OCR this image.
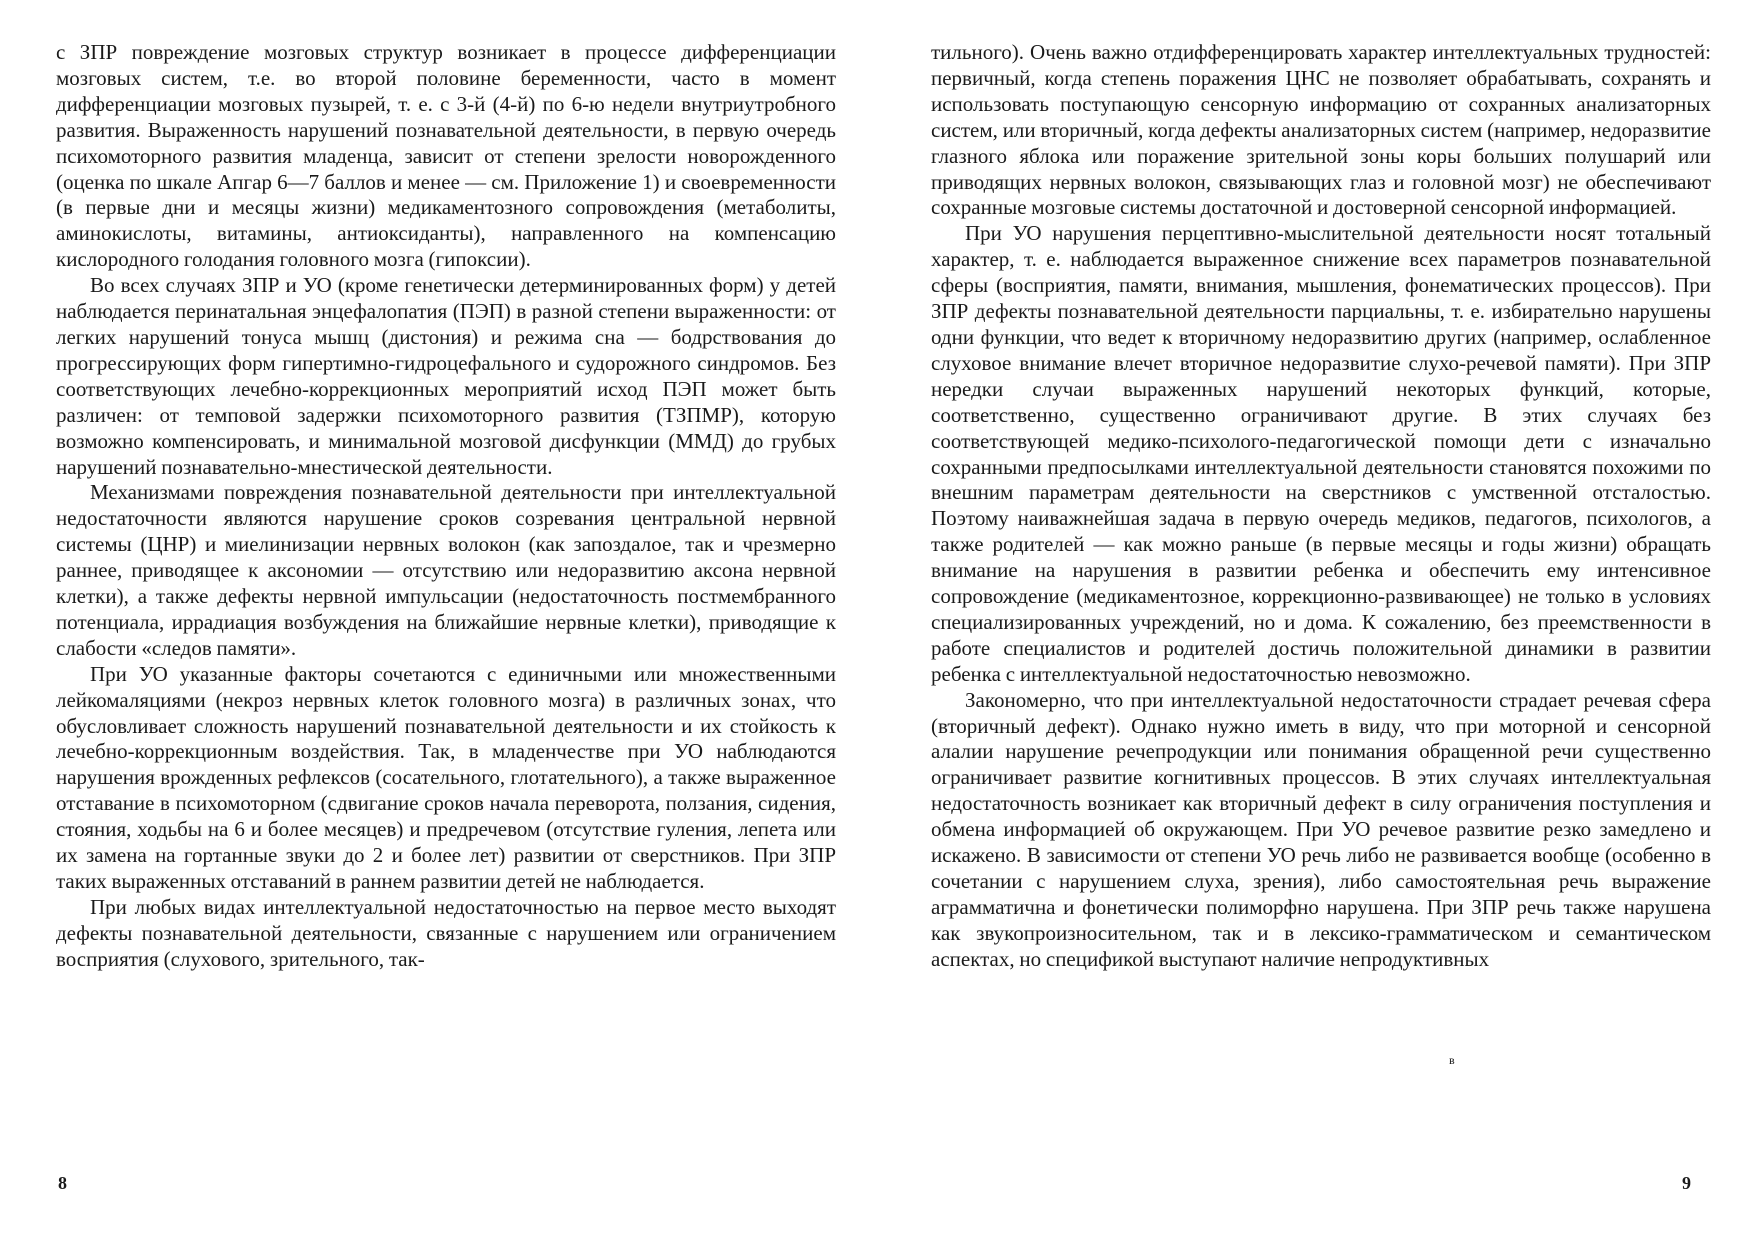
с ЗПР повреждение мозговых структур возникает в процессе дифференциации мозговых систем, т.е. во второй половине беременности, часто в момент дифференциации мозговых пузырей, т. е. с 3-й (4-й) по 6-ю недели внутриутробного развития. Выраженность нарушений познавательной деятельности, в первую очередь психомоторного развития младенца, зависит от степени зрелости новорожденного (оценка по шкале Апгар 6—7 баллов и менее — см. Приложение 1) и своевременности (в первые дни и месяцы жизни) медикаментозного сопровождения (метаболиты, аминокислоты, витамины, антиоксиданты), направленного на компенсацию кислородного голодания головного мозга (гипоксии).

Во всех случаях ЗПР и УО (кроме генетически детерминированных форм) у детей наблюдается перинатальная энцефалопатия (ПЭП) в разной степени выраженности: от легких нарушений тонуса мышц (дистония) и режима сна — бодрствования до прогрессирующих форм гипертимно-гидроцефального и судорожного синдромов. Без соответствующих лечебно-коррекционных мероприятий исход ПЭП может быть различен: от темповой задержки психомоторного развития (ТЗПМР), которую возможно компенсировать, и минимальной мозговой дисфункции (ММД) до грубых нарушений познавательно-мнестической деятельности.

Механизмами повреждения познавательной деятельности при интеллектуальной недостаточности являются нарушение сроков созревания центральной нервной системы (ЦНР) и миелинизации нервных волокон (как запоздалое, так и чрезмерно раннее, приводящее к аксономии — отсутствию или недоразвитию аксона нервной клетки), а также дефекты нервной импульсации (недостаточность постмембранного потенциала, иррадиация возбуждения на ближайшие нервные клетки), приводящие к слабости «следов памяти».

При УО указанные факторы сочетаются с единичными или множественными лейкомаляциями (некроз нервных клеток головного мозга) в различных зонах, что обусловливает сложность нарушений познавательной деятельности и их стойкость к лечебно-коррекционным воздействия. Так, в младенчестве при УО наблюдаются нарушения врожденных рефлексов (сосательного, глотательного), а также выраженное отставание в психомоторном (сдвигание сроков начала переворота, ползания, сидения, стояния, ходьбы на 6 и более месяцев) и предречевом (отсутствие гуления, лепета или их замена на гортанные звуки до 2 и более лет) развитии от сверстников. При ЗПР таких выраженных отставаний в раннем развитии детей не наблюдается.

При любых видах интеллектуальной недостаточностью на первое место выходят дефекты познавательной деятельности, связанные с нарушением или ограничением восприятия (слухового, зрительного, так-

8

тильного). Очень важно отдифференцировать характер интеллектуальных трудностей: первичный, когда степень поражения ЦНС не позволяет обрабатывать, сохранять и использовать поступающую сенсорную информацию от сохранных анализаторных систем, или вторичный, когда дефекты анализаторных систем (например, недоразвитие глазного яблока или поражение зрительной зоны коры больших полушарий или приводящих нервных волокон, связывающих глаз и головной мозг) не обеспечивают сохранные мозговые системы достаточной и достоверной сенсорной информацией.

При УО нарушения перцептивно-мыслительной деятельности носят тотальный характер, т. е. наблюдается выраженное снижение всех параметров познавательной сферы (восприятия, памяти, внимания, мышления, фонематических процессов). При ЗПР дефекты познавательной деятельности парциальны, т. е. избирательно нарушены одни функции, что ведет к вторичному недоразвитию других (например, ослабленное слуховое внимание влечет вторичное недоразвитие слухо-речевой памяти). При ЗПР нередки случаи выраженных нарушений некоторых функций, которые, соответственно, существенно ограничивают другие. В этих случаях без соответствующей медико-психолого-педагогической помощи дети с изначально сохранными предпосылками интеллектуальной деятельности становятся похожими по внешним параметрам деятельности на сверстников с умственной отсталостью. Поэтому наиважнейшая задача в первую очередь медиков, педагогов, психологов, а также родителей — как можно раньше (в первые месяцы и годы жизни) обращать внимание на нарушения в развитии ребенка и обеспечить ему интенсивное сопровождение (медикаментозное, коррекционно-развивающее) не только в условиях специализированных учреждений, но и дома. К сожалению, без преемственности в работе специалистов и родителей достичь положительной динамики в развитии ребенка с интеллектуальной недостаточностью невозможно.

Закономерно, что при интеллектуальной недостаточности страдает речевая сфера (вторичный дефект). Однако нужно иметь в виду, что при моторной и сенсорной алалии нарушение речепродукции или понимания обращенной речи существенно ограничивает развитие когнитивных процессов. В этих случаях интеллектуальная недостаточность возникает как вторичный дефект в силу ограничения поступления и обмена информацией об окружающем. При УО речевое развитие резко замедлено и искажено. В зависимости от степени УО речь либо не развивается вообще (особенно в сочетании с нарушением слуха, зрения), либо самостоятельная речь выражение аграмматична и фонетически полиморфно нарушена. При ЗПР речь также нарушена как звукопроизносительном, так и в лексико-грамматическом и семантическом аспектах, но спецификой выступают наличие непродуктивных

в
9
